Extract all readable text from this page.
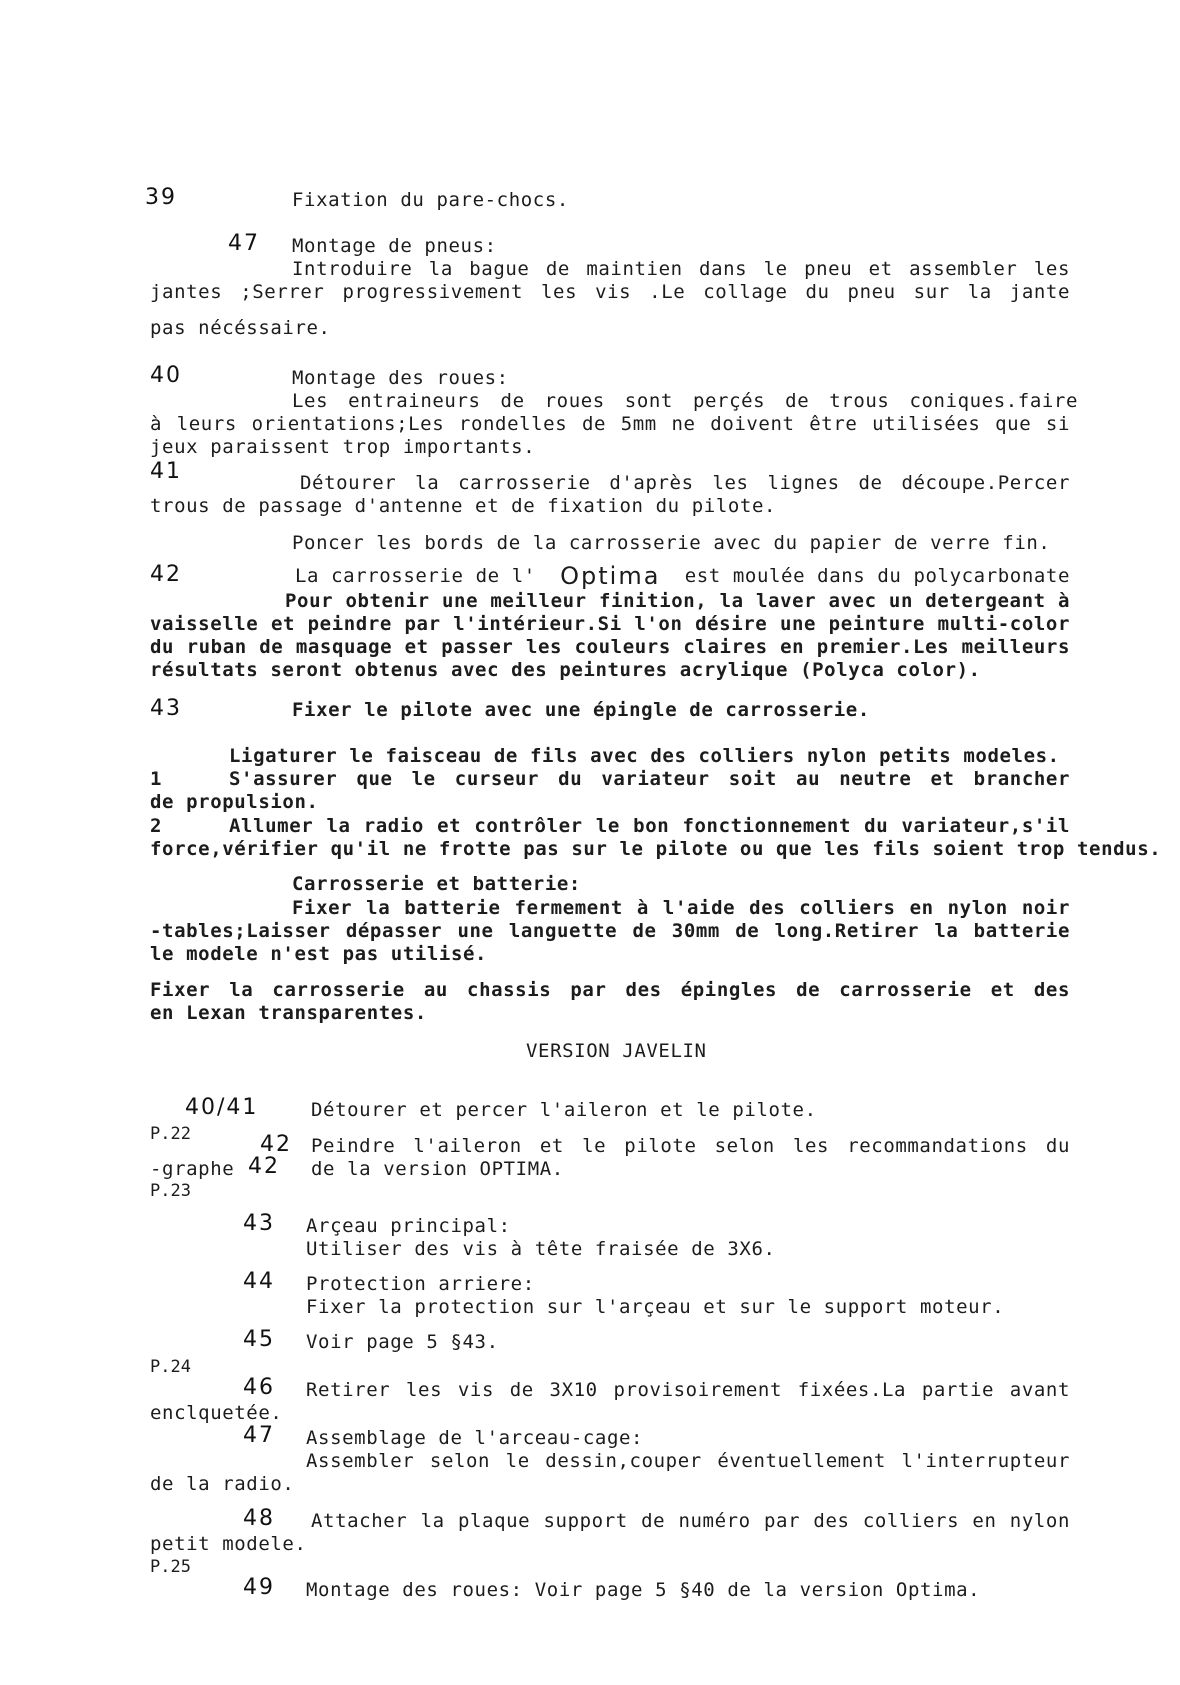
39	Fixation du pare-chocs.
47 Montage de pneus:
Introduire la bague de maintien dans le pneu et assembler les
jantes ;Serrer progressivement les vis .Le collage du pneu sur la jante
pas nécéssaire.
40	Montage des roues:
Les entraineurs de roues sont perçés de trous coniques.faire
à leurs orientations;Les rondelles de 5mm ne doivent être utilisées que si
jeux paraissent trop importants.
41	Détourer la carrosserie d'après les lignes de découpe.Percer
trous de passage d'antenne et de fixation du pilote.
Poncer les bords de la carrosserie avec du papier de verre fin.
42	La carrosserie de l' Optima est moulée dans du polycarbonate
Pour obtenir une meilleur finition, la laver avec un detergeant à
vaisselle et peindre par l'intérieur.Si l'on désire une peinture multi-color
du ruban de masquage et passer les couleurs claires en premier.Les meilleurs
résultats seront obtenus avec des peintures acrylique (Polyca color).
43	Fixer le pilote avec une épingle de carrosserie.
Ligaturer le faisceau de fils avec des colliers nylon petits modeles.
1	S'assurer que le curseur du variateur soit au neutre et brancher
de propulsion.
2	Allumer la radio et contrôler le bon fonctionnement du variateur,s'il
force,vérifier qu'il ne frotte pas sur le pilote ou que les fils soient trop tendus.
Carrosserie et batterie:
Fixer la batterie fermement à l'aide des colliers en nylon noir
-tables;Laisser dépasser une languette de 30mm de long.Retirer la batterie
le modele n'est pas utilisé.
Fixer la carrosserie au chassis par des épingles de carrosserie et des
en Lexan transparentes.
VERSION JAVELIN
40/41	Détourer et percer l'aileron et le pilote.
P.22	42 Peindre l'aileron et le pilote selon les recommandations du
-graphe 42 de la version OPTIMA.
P.23
43 Arçeau principal:
Utiliser des vis à tête fraisée de 3X6.
44 Protection arriere:
Fixer la protection sur l'arçeau et sur le support moteur.
45 Voir page 5 §43.
P.24
46 Retirer les vis de 3X10 provisoirement fixées.La partie avant
enclquetée.
47 Assemblage de l'arceau-cage:
Assembler selon le dessin,couper éventuellement l'interrupteur
de la radio.
48 Attacher la plaque support de numéro par des colliers en nylon
petit modele.
P.25
49 Montage des roues: Voir page 5 §40 de la version Optima.
